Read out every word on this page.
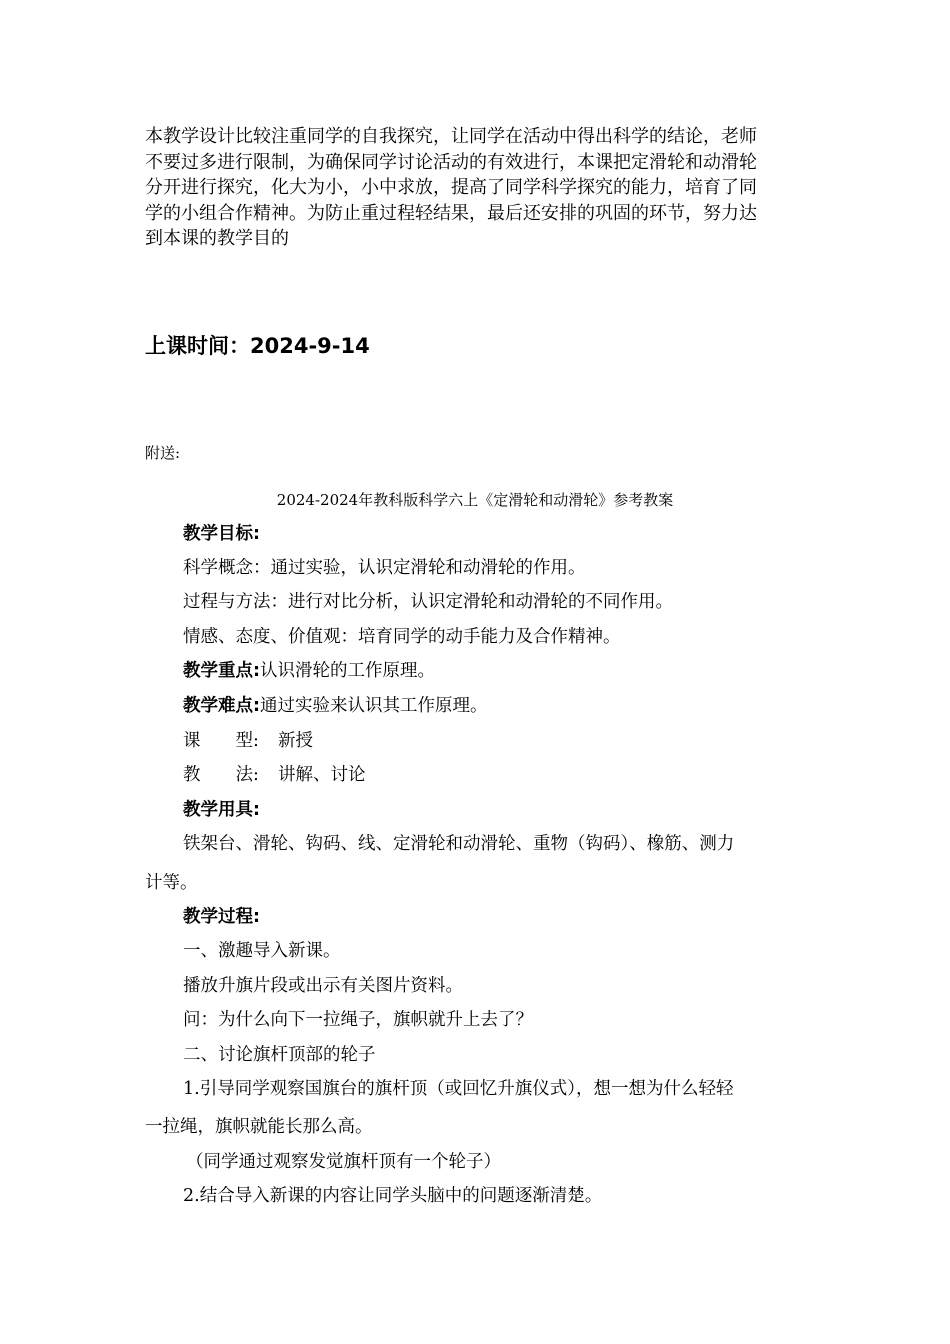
本教学设计比较注重同学的自我探究，让同学在活动中得出科学的结论，老师
不要过多进行限制，为确保同学讨论活动的有效进行，本课把定滑轮和动滑轮
分开进行探究，化大为小，小中求放，提高了同学科学探究的能力，培育了同
学的小组合作精神。为防止重过程轻结果，最后还安排的巩固的环节，努力达
到本课的教学目的
上课时间：2024-9-14
附送:
2024-2024年教科版科学六上《定滑轮和动滑轮》参考教案
教学目标:
科学概念：通过实验，认识定滑轮和动滑轮的作用。
过程与方法：进行对比分析，认识定滑轮和动滑轮的不同作用。
情感、态度、价值观：培育同学的动手能力及合作精神。
教学重点:认识滑轮的工作原理。
教学难点:通过实验来认识其工作原理。
课　　型: 新授
教　　法: 讲解、讨论
教学用具:
铁架台、滑轮、钩码、线、定滑轮和动滑轮、重物（钩码）、橡筋、测力
计等。
教学过程:
一、激趣导入新课。
播放升旗片段或出示有关图片资料。
问：为什么向下一拉绳子，旗帜就升上去了？
二、讨论旗杆顶部的轮子
1.引导同学观察国旗台的旗杆顶（或回忆升旗仪式），想一想为什么轻轻
一拉绳，旗帜就能长那么高。
（同学通过观察发觉旗杆顶有一个轮子）
2.结合导入新课的内容让同学头脑中的问题逐渐清楚。
